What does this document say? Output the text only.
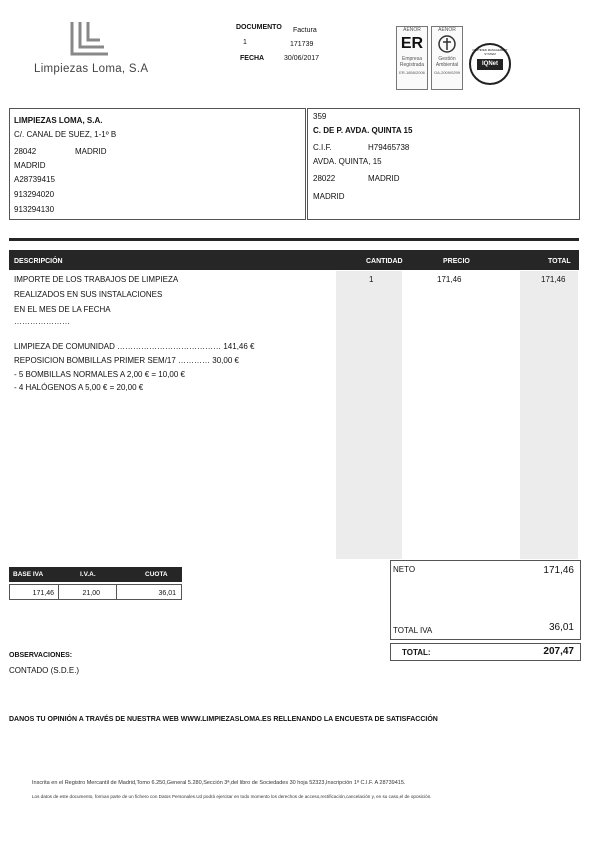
Limpiezas Loma, S.A
DOCUMENTO Factura
1	171739
FECHA	30/06/2017
AENOR
ER
Empresa Registrada
ER-1658/2006
AENOR
Gestión Ambiental
GA-2009/0299
IQNet
CERTIFIED MANAGEMENT SYSTEM
LIMPIEZAS LOMA, S.A.
C/. CANAL DE SUEZ, 1-1º B
28042	MADRID
MADRID
A28739415
913294020
913294130
359
C. DE P. AVDA. QUINTA 15
C.I.F.	H79465738
AVDA. QUINTA, 15
28022	MADRID
MADRID
DESCRIPCIÓN	CANTIDAD	PRECIO	TOTAL
IMPORTE DE LOS TRABAJOS DE LIMPIEZA
REALIZADOS EN SUS INSTALACIONES
EN EL MES DE LA FECHA
…………………
1	171,46	171,46
LIMPIEZA DE COMUNIDAD ………………………………… 141,46 €
REPOSICION BOMBILLAS PRIMER SEM/17 ………… 30,00 €
- 5 BOMBILLAS NORMALES A 2,00 € = 10,00 €
- 4 HALÓGENOS A 5,00 € = 20,00 €
BASE IVA	I.V.A.	CUOTA
171,46	21,00	36,01
NETO	171,46
TOTAL IVA	36,01
TOTAL:	207,47
OBSERVACIONES:
CONTADO (S.D.E.)
DANOS TU OPINIÓN A TRAVÉS DE NUESTRA WEB WWW.LIMPIEZASLOMA.ES RELLENANDO LA ENCUESTA DE SATISFACCIÓN
Inscrita en el Registro Mercantil de Madrid,Tomo 6.250,General 5.280,Sección 3ª,del libro de Sociedades 30 hoja 52323,Inscripción 1ª C.I.F. A 28739415.
Los datos de este documento, forman parte de un fichero con Datos Personales.Ud podrá ejercitar en todo momento los derechos de acceso,rectificación,cancelación y, en su caso,el de oposición.
